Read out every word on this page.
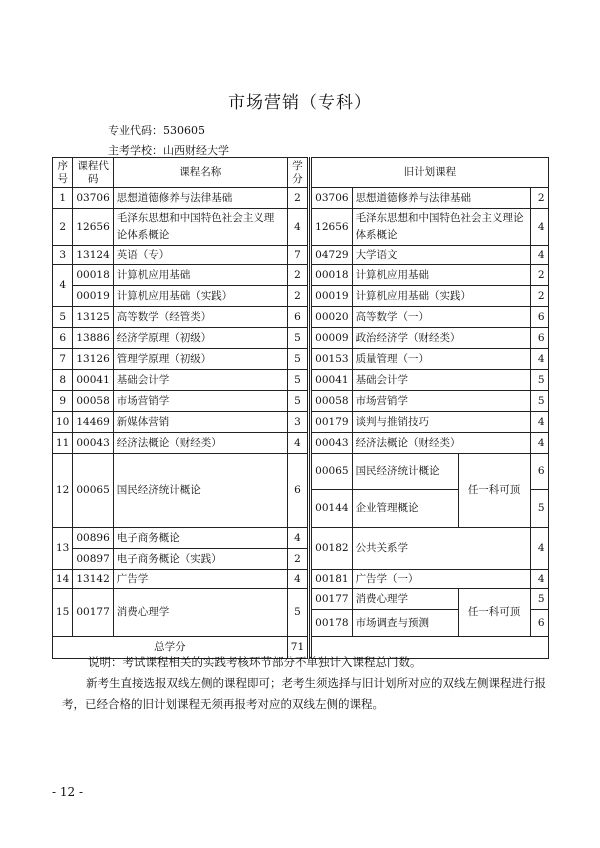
市场营销（专科）
专业代码：530605
主考学校：山西财经大学
序号	课程代码	课程名称	学分		旧计划课程			
1	03706	思想道德修养与法律基础	2		03706	思想道德修养与法律基础		2
2	12656	毛泽东思想和中国特色社会主义理论体系概论	4		12656	毛泽东思想和中国特色社会主义理论体系概论		4
3	13124	英语（专）	7		04729	大学语文		4
4	00018	计算机应用基础	2		00018	计算机应用基础		2
	00019	计算机应用基础（实践）	2		00019	计算机应用基础（实践）		2
5	13125	高等数学（经管类）	6		00020	高等数学（一）		6
6	13886	经济学原理（初级）	5		00009	政治经济学（财经类）		6
7	13126	管理学原理（初级）	5		00153	质量管理（一）		4
8	00041	基础会计学	5		00041	基础会计学		5
9	00058	市场营销学	5		00058	市场营销学		5
10	14469	新媒体营销	3		00179	谈判与推销技巧		4
11	00043	经济法概论（财经类）	4		00043	经济法概论（财经类）		4
12	00065	国民经济统计概论	6		00065	国民经济统计概论	任一科可顶	6
					00144	企业管理概论		5
13	00896	电子商务概论	4		00182	公共关系学		4
	00897	电子商务概论（实践）	2					
14	13142	广告学	4		00181	广告学（一）		4
15	00177	消费心理学	5		00177	消费心理学	任一科可顶	5
					00178	市场调查与预测		6
总学分			71					
说明：考试课程相关的实践考核环节部分不单独计入课程总门数。
新考生直接选报双线左侧的课程即可；老考生须选择与旧计划所对应的双线左侧课程进行报考，已经合格的旧计划课程无须再报考对应的双线左侧的课程。
- 12 -
